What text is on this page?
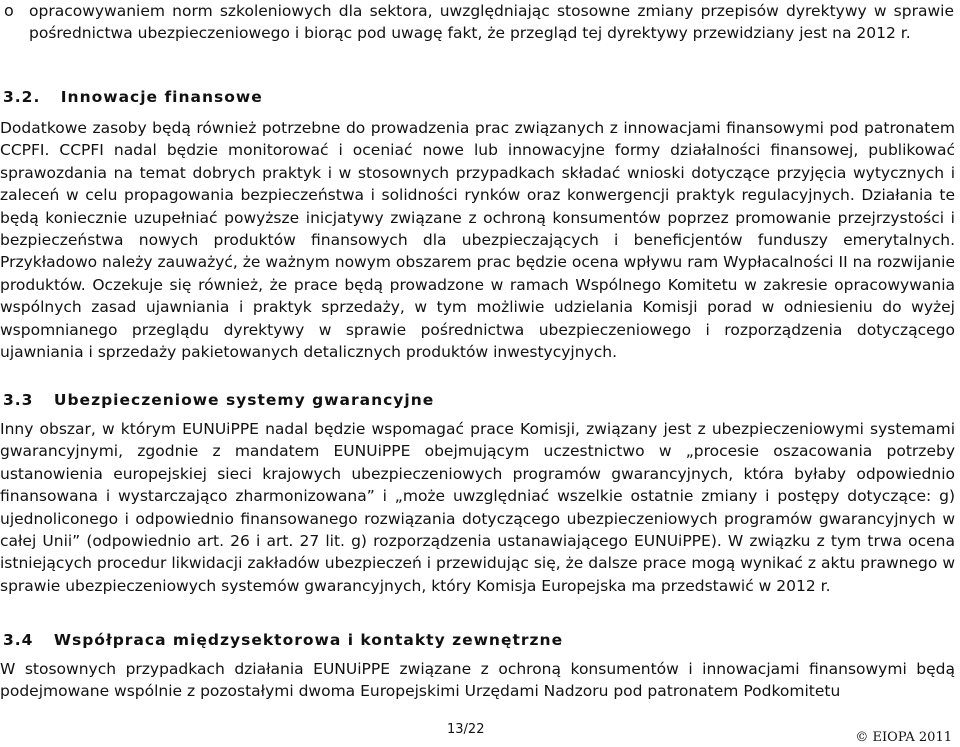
o opracowywaniem norm szkoleniowych dla sektora, uwzględniając stosowne zmiany przepisów dyrektywy w sprawie pośrednictwa ubezpieczeniowego i biorąc pod uwagę fakt, że przegląd tej dyrektywy przewidziany jest na 2012 r.
3.2. Innowacje finansowe
Dodatkowe zasoby będą również potrzebne do prowadzenia prac związanych z innowacjami finansowymi pod patronatem CCPFI. CCPFI nadal będzie monitorować i oceniać nowe lub innowacyjne formy działalności finansowej, publikować sprawozdania na temat dobrych praktyk i w stosownych przypadkach składać wnioski dotyczące przyjęcia wytycznych i zaleceń w celu propagowania bezpieczeństwa i solidności rynków oraz konwergencji praktyk regulacyjnych. Działania te będą koniecznie uzupełniać powyższe inicjatywy związane z ochroną konsumentów poprzez promowanie przejrzystości i bezpieczeństwa nowych produktów finansowych dla ubezpieczających i beneficjentów funduszy emerytalnych. Przykładowo należy zauważyć, że ważnym nowym obszarem prac będzie ocena wpływu ram Wypłacalności II na rozwijanie produktów. Oczekuje się również, że prace będą prowadzone w ramach Wspólnego Komitetu w zakresie opracowywania wspólnych zasad ujawniania i praktyk sprzedaży, w tym możliwie udzielania Komisji porad w odniesieniu do wyżej wspomnianego przeglądu dyrektywy w sprawie pośrednictwa ubezpieczeniowego i rozporządzenia dotyczącego ujawniania i sprzedaży pakietowanych detalicznych produktów inwestycyjnych.
3.3 Ubezpieczeniowe systemy gwarancyjne
Inny obszar, w którym EUNUiPPE nadal będzie wspomagać prace Komisji, związany jest z ubezpieczeniowymi systemami gwarancyjnymi, zgodnie z mandatem EUNUiPPE obejmującym uczestnictwo w „procesie oszacowania potrzeby ustanowienia europejskiej sieci krajowych ubezpieczeniowych programów gwarancyjnych, która byłaby odpowiednio finansowana i wystarczająco zharmonizowana” i „może uwzględniać wszelkie ostatnie zmiany i postępy dotyczące: g) ujednoliconego i odpowiednio finansowanego rozwiązania dotyczącego ubezpieczeniowych programów gwarancyjnych w całej Unii” (odpowiednio art. 26 i art. 27 lit. g) rozporządzenia ustanawiającego EUNUiPPE). W związku z tym trwa ocena istniejących procedur likwidacji zakładów ubezpieczeń i przewidując się, że dalsze prace mogą wynikać z aktu prawnego w sprawie ubezpieczeniowych systemów gwarancyjnych, który Komisja Europejska ma przedstawić w 2012 r.
3.4 Współpraca międzysektorowa i kontakty zewnętrzne
W stosownych przypadkach działania EUNUiPPE związane z ochroną konsumentów i innowacjami finansowymi będą podejmowane wspólnie z pozostałymi dwoma Europejskimi Urzędami Nadzoru pod patronatem Podkomitetu
13/22
© EIOPA 2011
